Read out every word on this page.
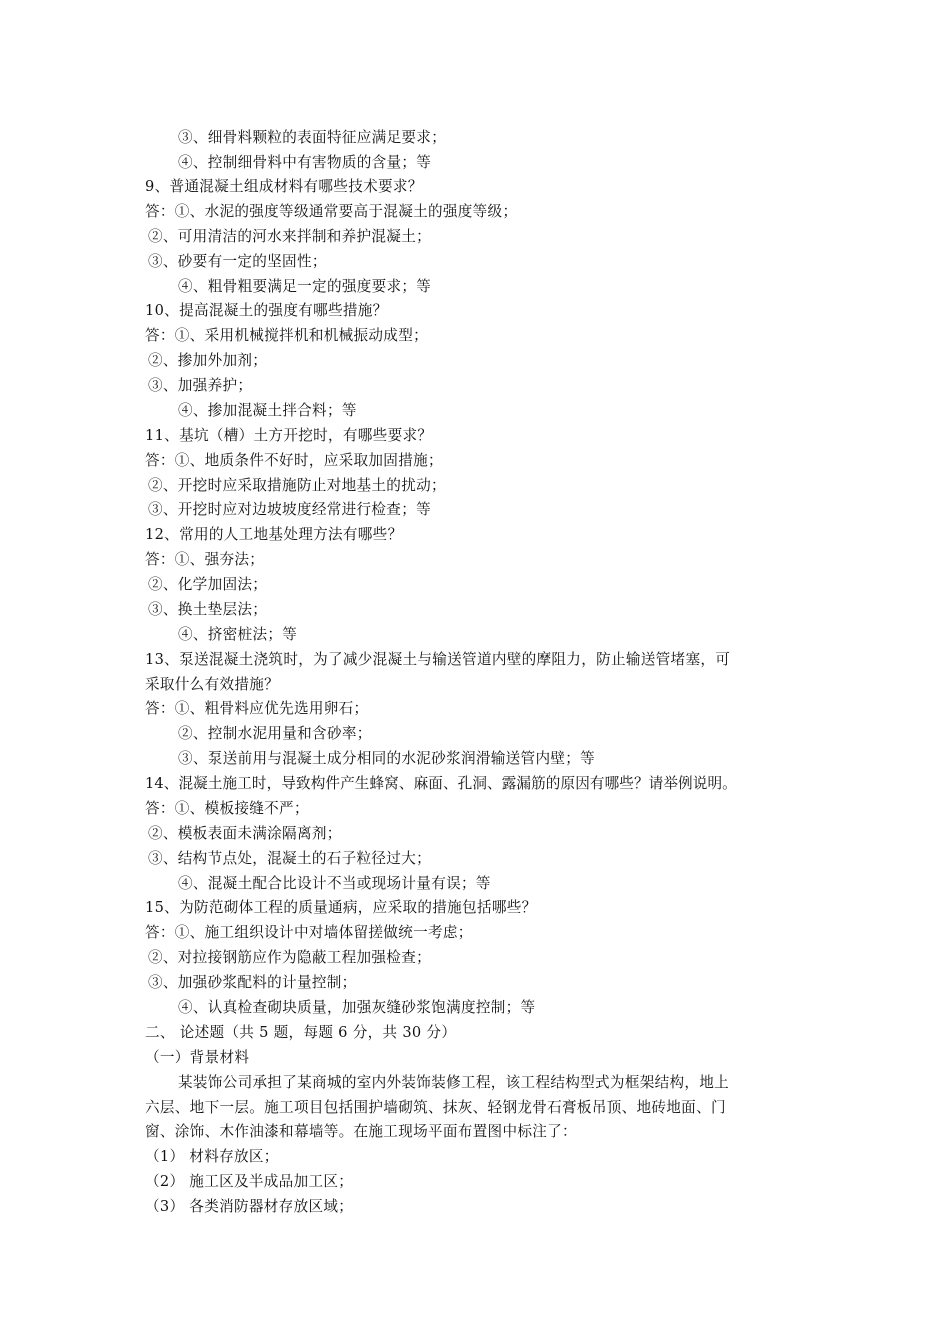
③、细骨料颗粒的表面特征应满足要求；
④、控制细骨料中有害物质的含量；等
9、普通混凝土组成材料有哪些技术要求？
答：①、水泥的强度等级通常要高于混凝土的强度等级；
②、可用清洁的河水来拌制和养护混凝土；
③、砂要有一定的坚固性；
④、粗骨粗要满足一定的强度要求；等
10、提高混凝土的强度有哪些措施？
答：①、采用机械搅拌机和机械振动成型；
②、掺加外加剂；
③、加强养护；
④、掺加混凝土拌合料；等
11、基坑（槽）土方开挖时，有哪些要求？
答：①、地质条件不好时，应采取加固措施；
②、开挖时应采取措施防止对地基土的扰动；
③、开挖时应对边坡坡度经常进行检查；等
12、常用的人工地基处理方法有哪些？
答：①、强夯法；
②、化学加固法；
③、换土垫层法；
④、挤密桩法；等
13、泵送混凝土浇筑时，为了减少混凝土与输送管道内壁的摩阻力，防止输送管堵塞，可
采取什么有效措施？
答：①、粗骨料应优先选用卵石；
②、控制水泥用量和含砂率；
③、泵送前用与混凝土成分相同的水泥砂浆润滑输送管内壁；等
14、混凝土施工时，导致构件产生蜂窝、麻面、孔洞、露漏筋的原因有哪些？请举例说明。
答：①、模板接缝不严；
②、模板表面未满涂隔离剂；
③、结构节点处，混凝土的石子粒径过大；
④、混凝土配合比设计不当或现场计量有误；等
15、为防范砌体工程的质量通病，应采取的措施包括哪些？
答：①、施工组织设计中对墙体留搓做统一考虑；
②、对拉接钢筋应作为隐蔽工程加强检查；
③、加强砂浆配料的计量控制；
④、认真检查砌块质量，加强灰缝砂浆饱满度控制；等
二、 论述题（共 5 题，每题 6 分，共 30 分）
（一）背景材料
某装饰公司承担了某商城的室内外装饰装修工程，该工程结构型式为框架结构，地上
六层、地下一层。施工项目包括围护墙砌筑、抹灰、轻钢龙骨石膏板吊顶、地砖地面、门
窗、涂饰、木作油漆和幕墙等。在施工现场平面布置图中标注了：
（1） 材料存放区；
（2） 施工区及半成品加工区；
（3） 各类消防器材存放区域；
